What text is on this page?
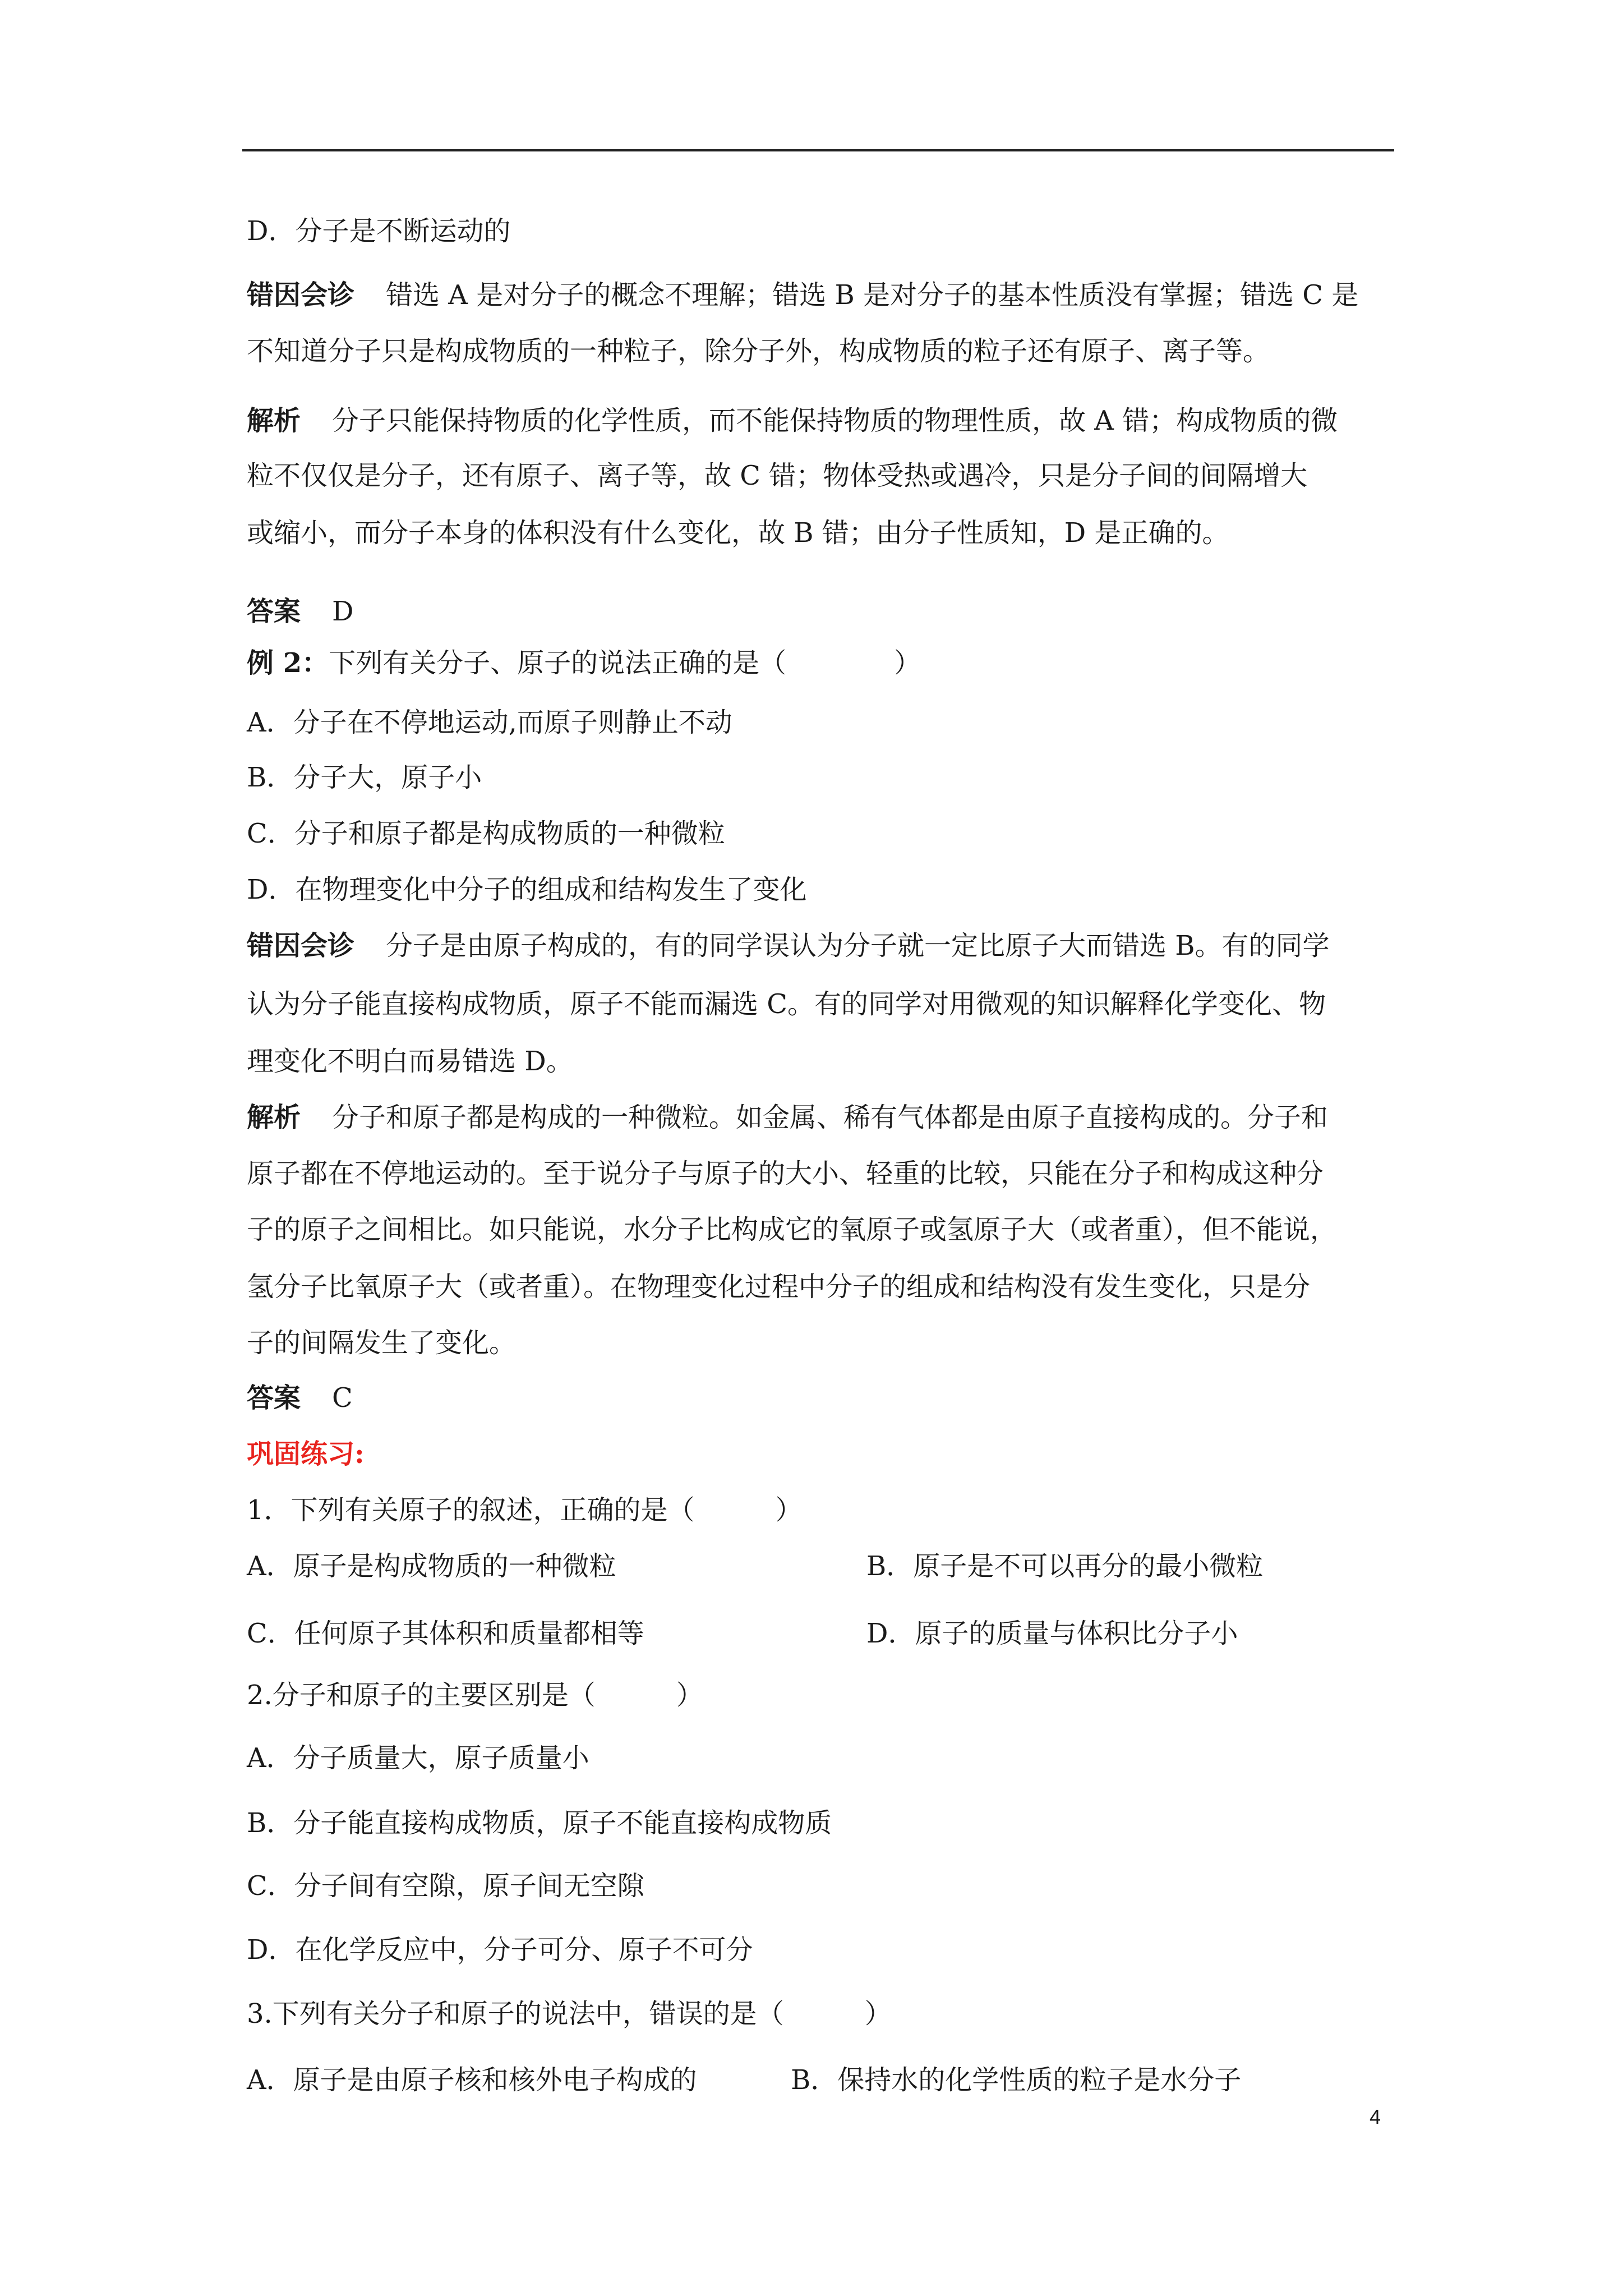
D．分子是不断运动的
错因会诊 错选 A 是对分子的概念不理解；错选 B 是对分子的基本性质没有掌握；错选 C 是
不知道分子只是构成物质的一种粒子，除分子外，构成物质的粒子还有原子、离子等。
解析 分子只能保持物质的化学性质，而不能保持物质的物理性质，故 A 错；构成物质的微
粒不仅仅是分子，还有原子、离子等，故 C 错；物体受热或遇冷，只是分子间的间隔增大
或缩小，而分子本身的体积没有什么变化，故 B 错；由分子性质知，D 是正确的。
答案 D
例 2：下列有关分子、原子的说法正确的是（　　　　）
A．分子在不停地运动,而原子则静止不动
B．分子大，原子小
C．分子和原子都是构成物质的一种微粒
D．在物理变化中分子的组成和结构发生了变化
错因会诊 分子是由原子构成的，有的同学误认为分子就一定比原子大而错选 B。有的同学
认为分子能直接构成物质，原子不能而漏选 C。有的同学对用微观的知识解释化学变化、物
理变化不明白而易错选 D。
解析 分子和原子都是构成的一种微粒。如金属、稀有气体都是由原子直接构成的。分子和
原子都在不停地运动的。至于说分子与原子的大小、轻重的比较，只能在分子和构成这种分
子的原子之间相比。如只能说，水分子比构成它的氧原子或氢原子大（或者重），但不能说，
氢分子比氧原子大（或者重）。在物理变化过程中分子的组成和结构没有发生变化，只是分
子的间隔发生了变化。
答案 C
巩固练习:
1．下列有关原子的叙述，正确的是（　　　）
A．原子是构成物质的一种微粒	B．原子是不可以再分的最小微粒
C．任何原子其体积和质量都相等	D．原子的质量与体积比分子小
2.分子和原子的主要区别是（　　　）
A．分子质量大，原子质量小
B．分子能直接构成物质，原子不能直接构成物质
C．分子间有空隙，原子间无空隙
D．在化学反应中，分子可分、原子不可分
3.下列有关分子和原子的说法中，错误的是（　　　）
A．原子是由原子核和核外电子构成的	B．保持水的化学性质的粒子是水分子
4
